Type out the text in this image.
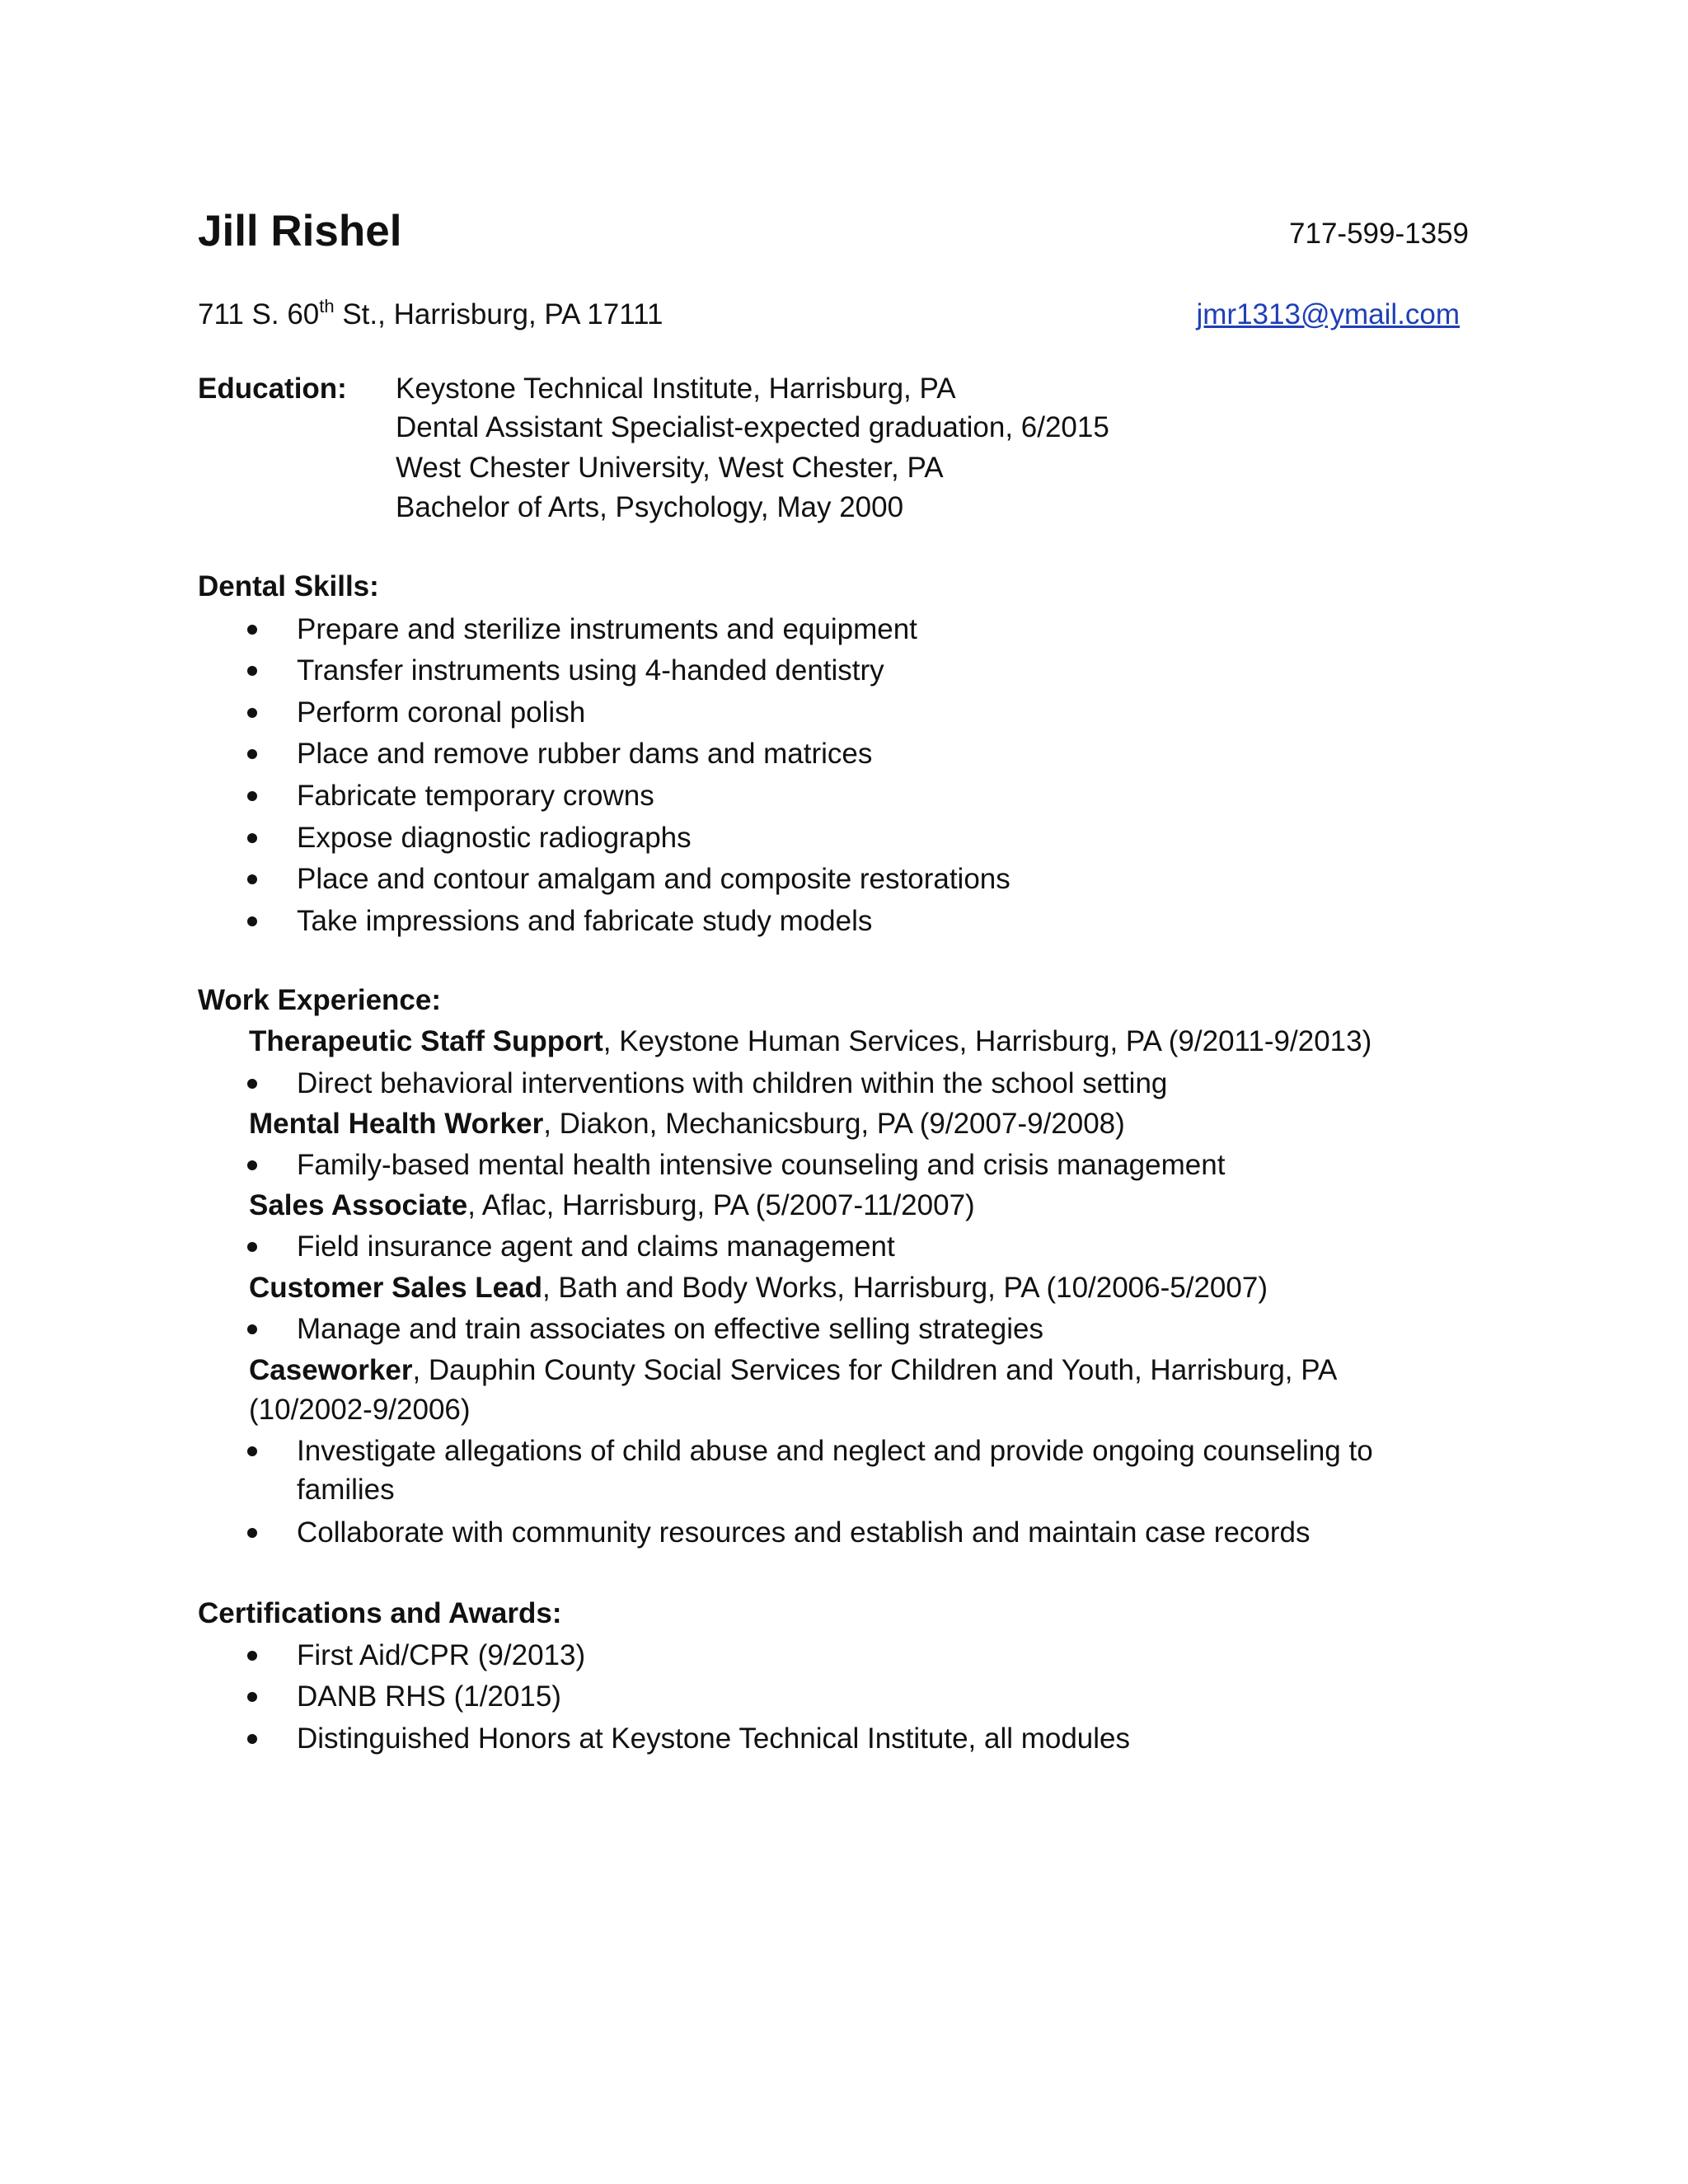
Jill Rishel	717-599-1359
711 S. 60th St., Harrisburg, PA 17111	jmr1313@ymail.com
Education: Keystone Technical Institute, Harrisburg, PA
Dental Assistant Specialist-expected graduation, 6/2015
West Chester University, West Chester, PA
Bachelor of Arts, Psychology, May 2000
Dental Skills:
Prepare and sterilize instruments and equipment
Transfer instruments using 4-handed dentistry
Perform coronal polish
Place and remove rubber dams and matrices
Fabricate temporary crowns
Expose diagnostic radiographs
Place and contour amalgam and composite restorations
Take impressions and fabricate study models
Work Experience:
Therapeutic Staff Support, Keystone Human Services, Harrisburg, PA (9/2011-9/2013)
Direct behavioral interventions with children within the school setting
Mental Health Worker, Diakon, Mechanicsburg, PA (9/2007-9/2008)
Family-based mental health intensive counseling and crisis management
Sales Associate, Aflac, Harrisburg, PA (5/2007-11/2007)
Field insurance agent and claims management
Customer Sales Lead, Bath and Body Works, Harrisburg, PA (10/2006-5/2007)
Manage and train associates on effective selling strategies
Caseworker, Dauphin County Social Services for Children and Youth, Harrisburg, PA
(10/2002-9/2006)
Investigate allegations of child abuse and neglect and provide ongoing counseling to
families
Collaborate with community resources and establish and maintain case records
Certifications and Awards:
First Aid/CPR (9/2013)
DANB RHS (1/2015)
Distinguished Honors at Keystone Technical Institute, all modules
